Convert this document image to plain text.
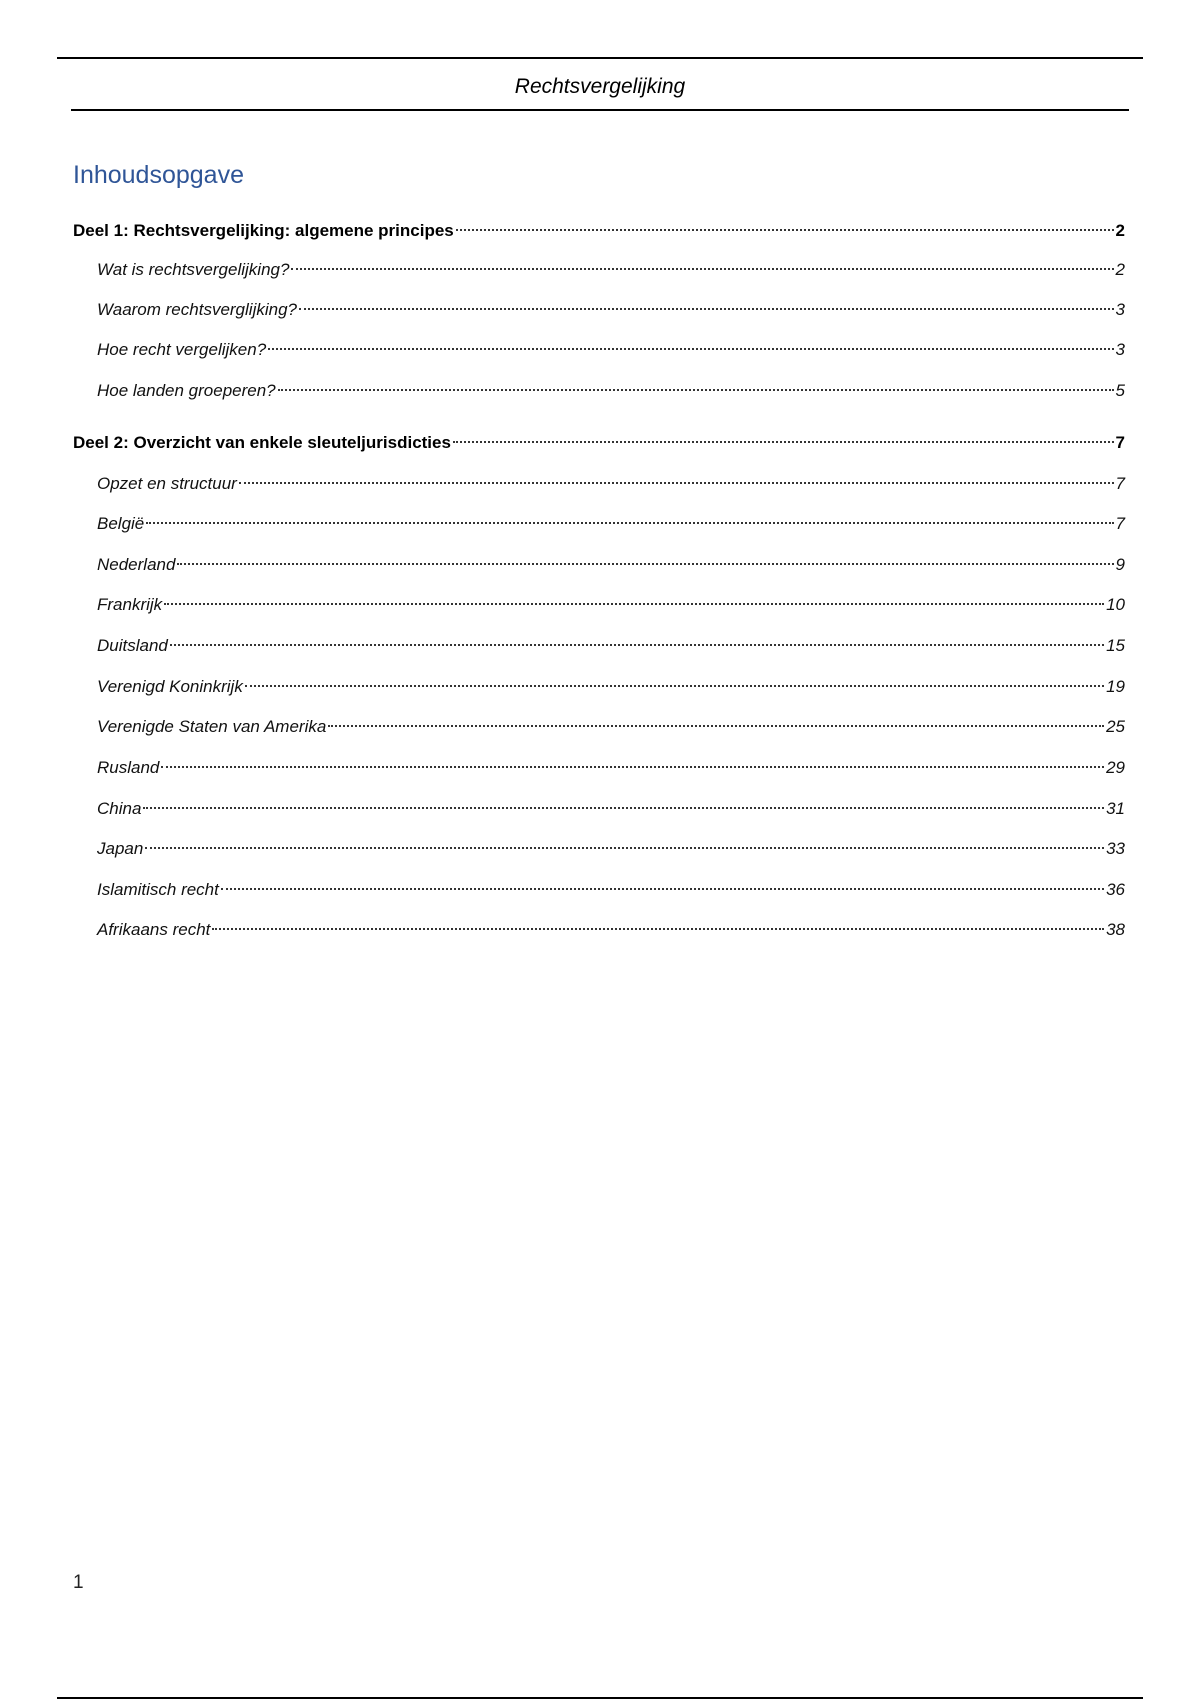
Rechtsvergelijking
Inhoudsopgave
Deel 1: Rechtsvergelijking: algemene principes	2
Wat is rechtsvergelijking?	2
Waarom rechtsverglijking?	3
Hoe recht vergelijken?	3
Hoe landen groeperen?	5
Deel 2: Overzicht van enkele sleuteljurisdicties	7
Opzet en structuur	7
België	7
Nederland	9
Frankrijk	10
Duitsland	15
Verenigd Koninkrijk	19
Verenigde Staten van Amerika	25
Rusland	29
China	31
Japan	33
Islamitisch recht	36
Afrikaans recht	38
1
